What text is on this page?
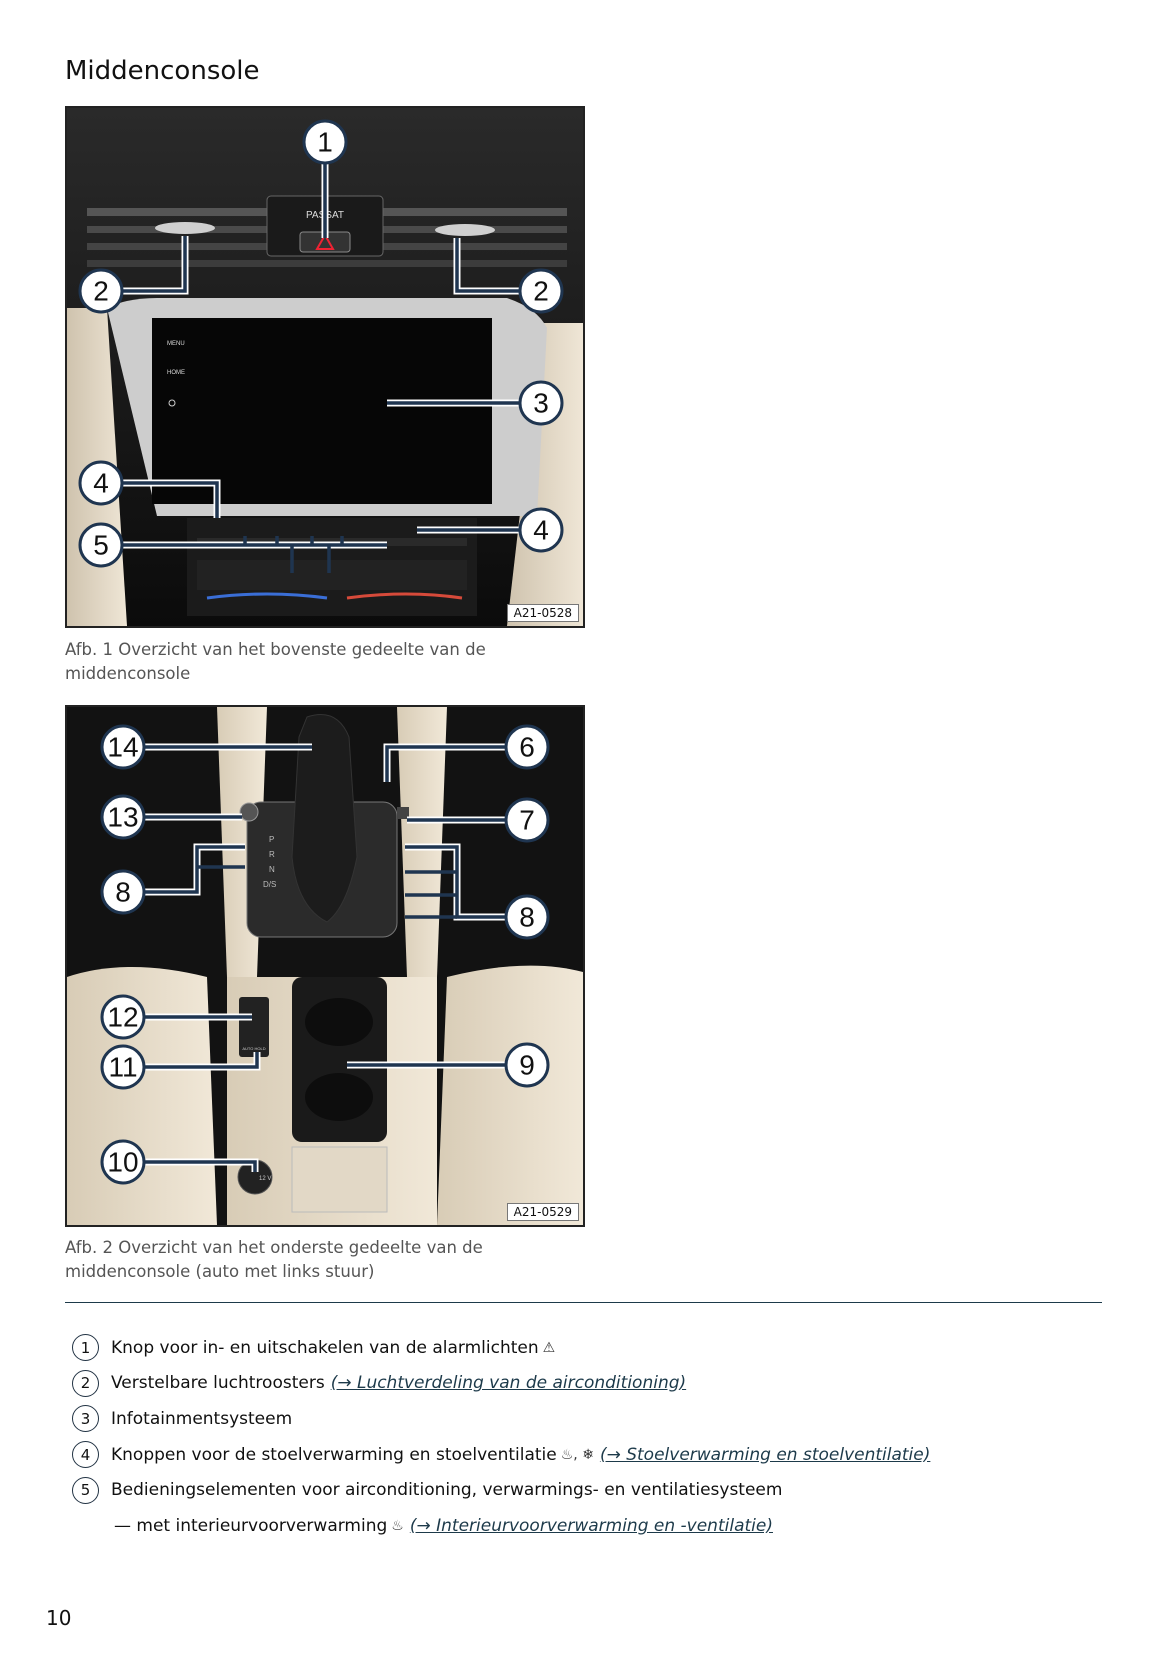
Middenconsole
PASSAT
MENU
HOME
1
2	2
3
4
4
5
A21-0528
Afb. 1 Overzicht van het bovenste gedeelte van de middenconsole
P
R
N
D/S
AUTO HOLD
12 V
14
13
8
6
7
8
12
11
10
9
A21-0529
Afb. 2 Overzicht van het onderste gedeelte van de middenconsole (auto met links stuur)
1	Knop voor in- en uitschakelen van de alarmlichten ⚠
2	Verstelbare luchtroosters (→ Luchtverdeling van de airconditioning)
3	Infotainmentsysteem
4	Knoppen voor de stoelverwarming en stoelventilatie ♨, ❄ (→ Stoelverwarming en stoelventilatie)
5	Bedieningselementen voor airconditioning, verwarmings- en ventilatiesysteem
— met interieurvoorverwarming ♨ (→ Interieurvoorverwarming en -ventilatie)
10
